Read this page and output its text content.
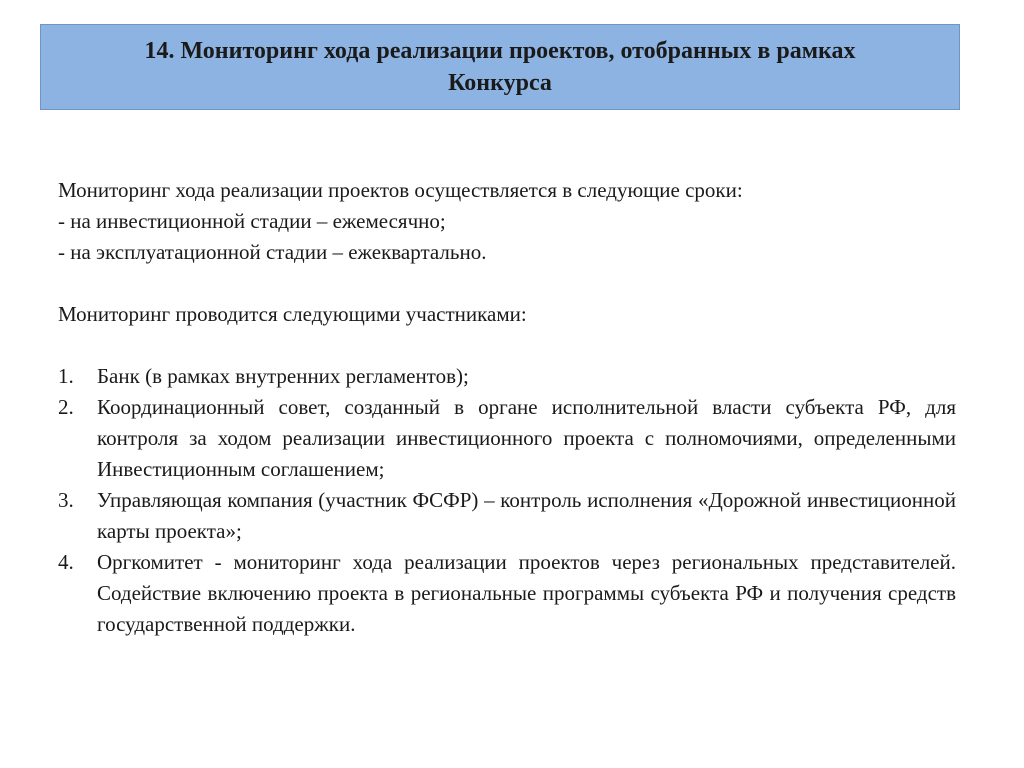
14. Мониторинг хода реализации проектов, отобранных в рамках
Конкурса

Мониторинг хода реализации проектов осуществляется в следующие сроки:

- на инвестиционной стадии – ежемесячно;

- на эксплуатационной стадии – ежеквартально.

Мониторинг проводится следующими участниками:

1. Банк (в рамках внутренних регламентов);
2. Координационный совет, созданный в органе исполнительной власти субъекта РФ, для контроля за ходом реализации инвестиционного проекта с полномочиями, определенными Инвестиционным соглашением;
3. Управляющая компания (участник ФСФР) – контроль исполнения «Дорожной инвестиционной карты проекта»;
4. Оргкомитет - мониторинг хода реализации проектов через региональных представителей. Содействие включению проекта в региональные программы субъекта РФ и получения средств государственной поддержки.
